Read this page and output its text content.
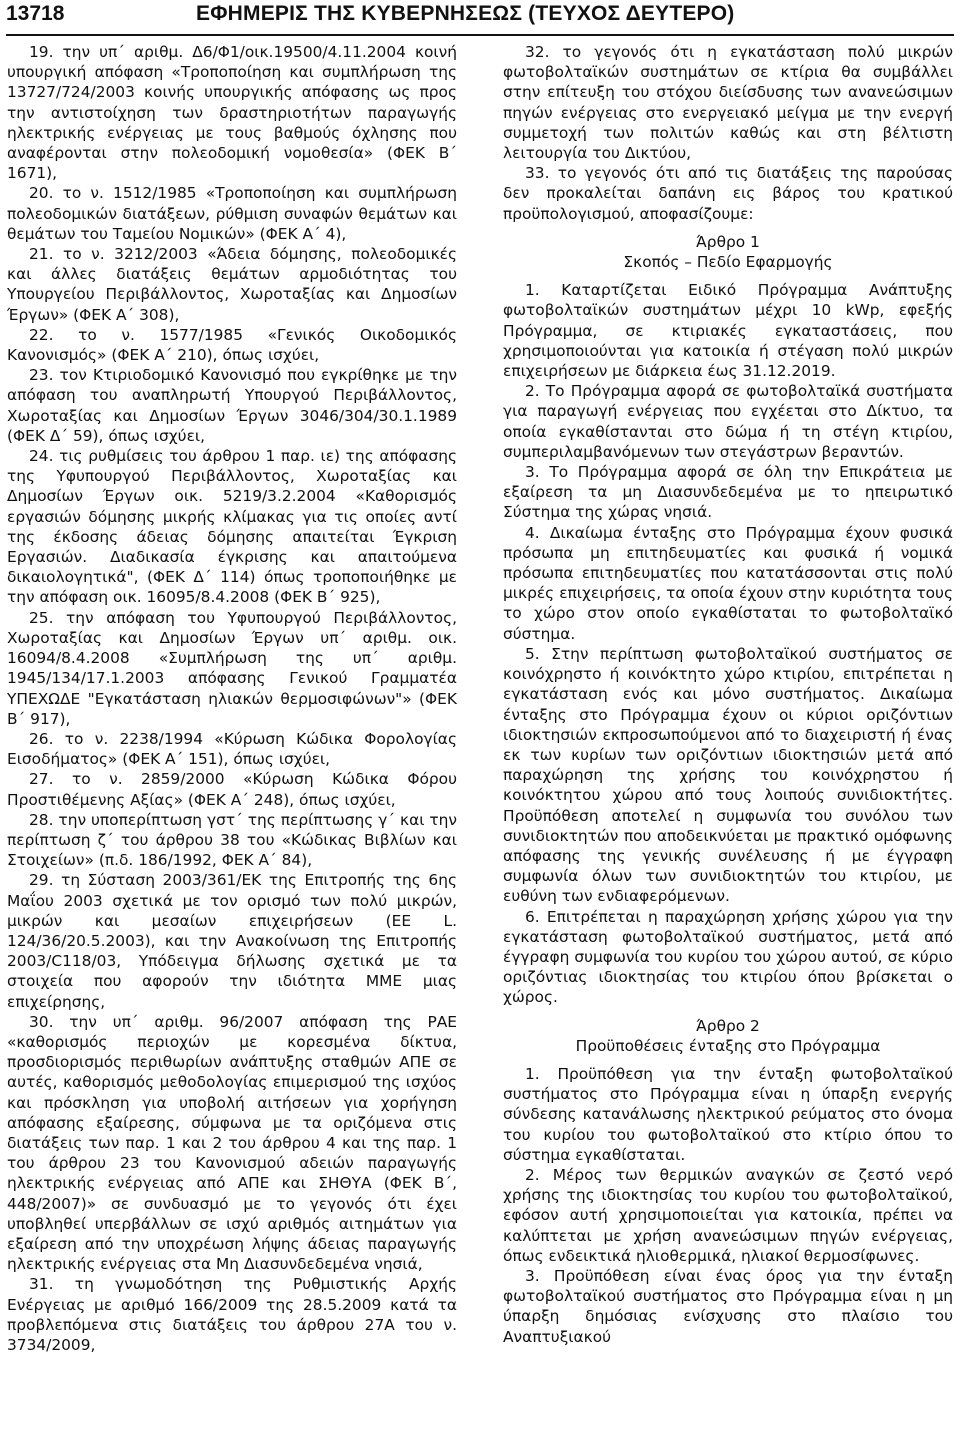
13718	ΕΦΗΜΕΡΙΣ ΤΗΣ ΚΥΒΕΡΝΗΣΕΩΣ (ΤΕΥΧΟΣ ΔΕΥΤΕΡΟ)

19. την υπ΄ αριθμ. Δ6/Φ1/οικ.19500/4.11.2004 κοινή υπουργική απόφαση «Τροποποίηση και συμπλήρωση της 13727/724/2003 κοινής υπουργικής απόφασης ως προς την αντιστοίχηση των δραστηριοτήτων παραγωγής ηλεκτρικής ενέργειας με τους βαθμούς όχλησης που αναφέρονται στην πολεοδομική νομοθεσία» (ΦΕΚ Β΄ 1671),

20. το ν. 1512/1985 «Τροποποίηση και συμπλήρωση πολεοδομικών διατάξεων, ρύθμιση συναφών θεμάτων και θεμάτων του Ταμείου Νομικών» (ΦΕΚ Α΄ 4),

21. το ν. 3212/2003 «Άδεια δόμησης, πολεοδομικές και άλλες διατάξεις θεμάτων αρμοδιότητας του Υπουργείου Περιβάλλοντος, Χωροταξίας και Δημοσίων Έργων» (ΦΕΚ Α΄ 308),

22. το ν. 1577/1985 «Γενικός Οικοδομικός Κανονισμός» (ΦΕΚ Α΄ 210), όπως ισχύει,

23. τον Κτιριοδομικό Κανονισμό που εγκρίθηκε με την απόφαση του αναπληρωτή Υπουργού Περιβάλλοντος, Χωροταξίας και Δημοσίων Έργων 3046/304/30.1.1989 (ΦΕΚ Δ΄ 59), όπως ισχύει,

24. τις ρυθμίσεις του άρθρου 1 παρ. ιε) της απόφασης της Υφυπουργού Περιβάλλοντος, Χωροταξίας και Δημοσίων Έργων οικ. 5219/3.2.2004 «Καθορισμός εργασιών δόμησης μικρής κλίμακας για τις οποίες αντί της έκδοσης άδειας δόμησης απαιτείται Έγκριση Εργασιών. Διαδικασία έγκρισης και απαιτούμενα δικαιολογητικά", (ΦΕΚ Δ΄ 114) όπως τροποποιήθηκε με την απόφαση οικ. 16095/8.4.2008 (ΦΕΚ Β΄ 925),

25. την απόφαση του Υφυπουργού Περιβάλλοντος, Χωροταξίας και Δημοσίων Έργων υπ΄ αριθμ. οικ. 16094/8.4.2008 «Συμπλήρωση της υπ΄ αριθμ. 1945/134/17.1.2003 απόφασης Γενικού Γραμματέα ΥΠΕΧΩΔΕ "Εγκατάσταση ηλιακών θερμοσιφώνων"» (ΦΕΚ Β΄ 917),

26. το ν. 2238/1994 «Κύρωση Κώδικα Φορολογίας Εισοδήματος» (ΦΕΚ Α΄ 151), όπως ισχύει,

27. το ν. 2859/2000 «Κύρωση Κώδικα Φόρου Προστιθέμενης Αξίας» (ΦΕΚ Α΄ 248), όπως ισχύει,

28. την υποπερίπτωση γστ΄ της περίπτωσης γ΄ και την περίπτωση ζ΄ του άρθρου 38 του «Κώδικας Βιβλίων και Στοιχείων» (π.δ. 186/1992, ΦΕΚ Α΄ 84),

29. τη Σύσταση 2003/361/ΕΚ της Επιτροπής της 6ης Μαΐου 2003 σχετικά με τον ορισμό των πολύ μικρών, μικρών και μεσαίων επιχειρήσεων (ΕΕ L. 124/36/20.5.2003), και την Ανακοίνωση της Επιτροπής 2003/C118/03, Υπόδειγμα δήλωσης σχετικά με τα στοιχεία που αφορούν την ιδιότητα ΜΜΕ μιας επιχείρησης,

30. την υπ΄ αριθμ. 96/2007 απόφαση της ΡΑΕ «καθορισμός περιοχών με κορεσμένα δίκτυα, προσδιορισμός περιθωρίων ανάπτυξης σταθμών ΑΠΕ σε αυτές, καθορισμός μεθοδολογίας επιμερισμού της ισχύος και πρόσκληση για υποβολή αιτήσεων για χορήγηση απόφασης εξαίρεσης, σύμφωνα με τα οριζόμενα στις διατάξεις των παρ. 1 και 2 του άρθρου 4 και της παρ. 1 του άρθρου 23 του Κανονισμού αδειών παραγωγής ηλεκτρικής ενέργειας από ΑΠΕ και ΣΗΘΥΑ (ΦΕΚ Β΄, 448/2007)» σε συνδυασμό με το γεγονός ότι έχει υποβληθεί υπερβάλλων σε ισχύ αριθμός αιτημάτων για εξαίρεση από την υποχρέωση λήψης άδειας παραγωγής ηλεκτρικής ενέργειας στα Μη Διασυνδεδεμένα νησιά,

31. τη γνωμοδότηση της Ρυθμιστικής Αρχής Ενέργειας με αριθμό 166/2009 της 28.5.2009 κατά τα προβλεπόμενα στις διατάξεις του άρθρου 27Α του ν. 3734/2009,

32. το γεγονός ότι η εγκατάσταση πολύ μικρών φωτοβολταϊκών συστημάτων σε κτίρια θα συμβάλλει στην επίτευξη του στόχου διείσδυσης των ανανεώσιμων πηγών ενέργειας στο ενεργειακό μείγμα με την ενεργή συμμετοχή των πολιτών καθώς και στη βέλτιστη λειτουργία του Δικτύου,

33. το γεγονός ότι από τις διατάξεις της παρούσας δεν προκαλείται δαπάνη εις βάρος του κρατικού προϋπολογισμού, αποφασίζουμε:

Άρθρο 1

Σκοπός – Πεδίο Εφαρμογής

1. Καταρτίζεται Ειδικό Πρόγραμμα Ανάπτυξης φωτοβολταϊκών συστημάτων μέχρι 10 kWp, εφεξής Πρόγραμμα, σε κτιριακές εγκαταστάσεις, που χρησιμοποιούνται για κατοικία ή στέγαση πολύ μικρών επιχειρήσεων με διάρκεια έως 31.12.2019.

2. Το Πρόγραμμα αφορά σε φωτοβολταϊκά συστήματα για παραγωγή ενέργειας που εγχέεται στο Δίκτυο, τα οποία εγκαθίστανται στο δώμα ή τη στέγη κτιρίου, συμπεριλαμβανόμενων των στεγάστρων βεραντών.

3. Το Πρόγραμμα αφορά σε όλη την Επικράτεια με εξαίρεση τα μη Διασυνδεδεμένα με το ηπειρωτικό Σύστημα της χώρας νησιά.

4. Δικαίωμα ένταξης στο Πρόγραμμα έχουν φυσικά πρόσωπα μη επιτηδευματίες και φυσικά ή νομικά πρόσωπα επιτηδευματίες που κατατάσσονται στις πολύ μικρές επιχειρήσεις, τα οποία έχουν στην κυριότητα τους το χώρο στον οποίο εγκαθίσταται το φωτοβολταϊκό σύστημα.

5. Στην περίπτωση φωτοβολταϊκού συστήματος σε κοινόχρηστο ή κοινόκτητο χώρο κτιρίου, επιτρέπεται η εγκατάσταση ενός και μόνο συστήματος. Δικαίωμα ένταξης στο Πρόγραμμα έχουν οι κύριοι οριζόντιων ιδιοκτησιών εκπροσωπούμενοι από το διαχειριστή ή ένας εκ των κυρίων των οριζόντιων ιδιοκτησιών μετά από παραχώρηση της χρήσης του κοινόχρηστου ή κοινόκτητου χώρου από τους λοιπούς συνιδιοκτήτες. Προϋπόθεση αποτελεί η συμφωνία του συνόλου των συνιδιοκτητών που αποδεικνύεται με πρακτικό ομόφωνης απόφασης της γενικής συνέλευσης ή με έγγραφη συμφωνία όλων των συνιδιοκτητών του κτιρίου, με ευθύνη των ενδιαφερόμενων.

6. Επιτρέπεται η παραχώρηση χρήσης χώρου για την εγκατάσταση φωτοβολταϊκού συστήματος, μετά από έγγραφη συμφωνία του κυρίου του χώρου αυτού, σε κύριο οριζόντιας ιδιοκτησίας του κτιρίου όπου βρίσκεται ο χώρος.

Άρθρο 2

Προϋποθέσεις ένταξης στο Πρόγραμμα

1. Προϋπόθεση για την ένταξη φωτοβολταϊκού συστήματος στο Πρόγραμμα είναι η ύπαρξη ενεργής σύνδεσης κατανάλωσης ηλεκτρικού ρεύματος στο όνομα του κυρίου του φωτοβολταϊκού στο κτίριο όπου το σύστημα εγκαθίσταται.

2. Μέρος των θερμικών αναγκών σε ζεστό νερό χρήσης της ιδιοκτησίας του κυρίου του φωτοβολταϊκού, εφόσον αυτή χρησιμοποιείται για κατοικία, πρέπει να καλύπτεται με χρήση ανανεώσιμων πηγών ενέργειας, όπως ενδεικτικά ηλιοθερμικά, ηλιακοί θερμοσίφωνες.

3. Προϋπόθεση είναι ένας όρος για την ένταξη φωτοβολταϊκού συστήματος στο Πρόγραμμα είναι η μη ύπαρξη δημόσιας ενίσχυσης στο πλαίσιο του Αναπτυξιακού
